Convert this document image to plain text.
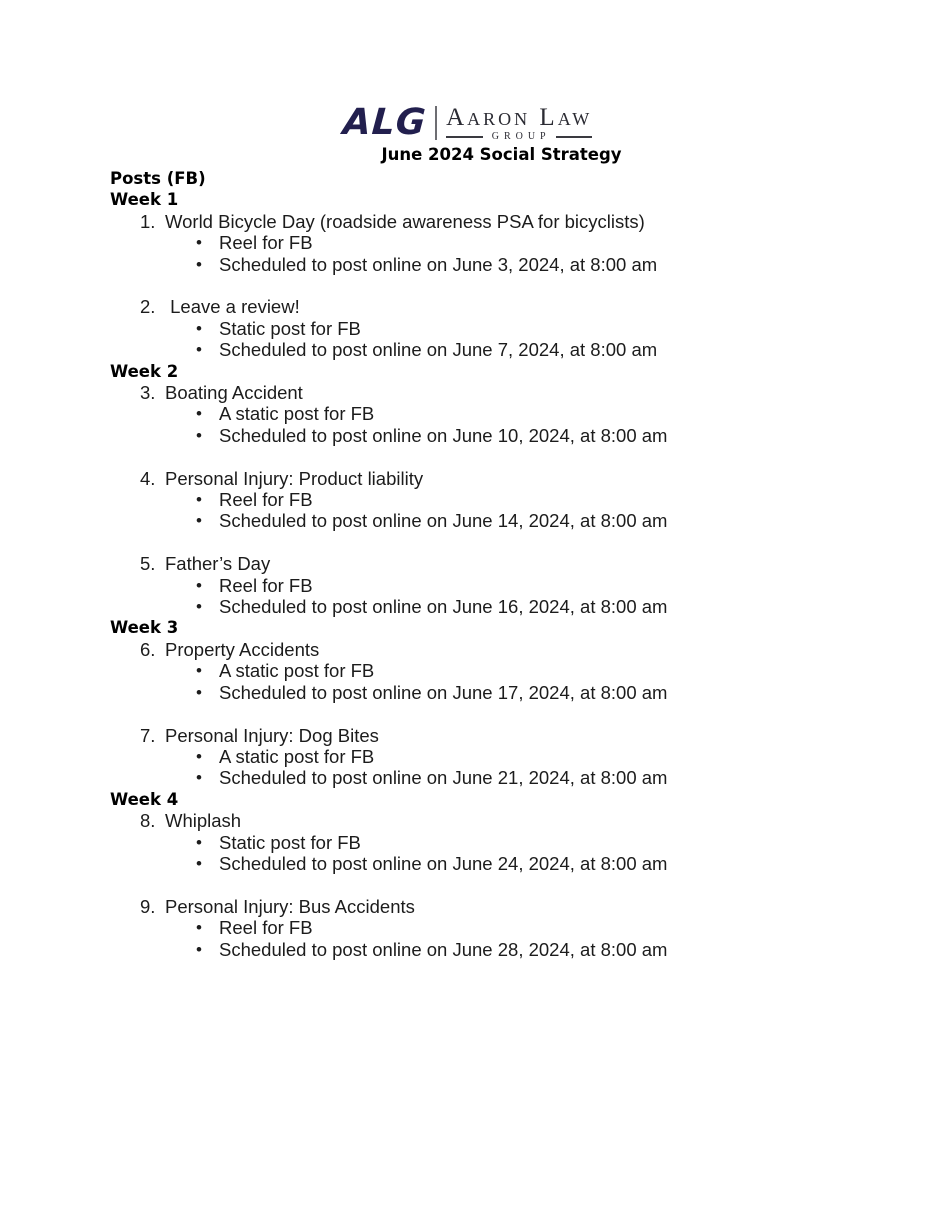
ALG Aaron Law
GROUP
June 2024 Social Strategy
Posts (FB)
Week 1
1. World Bicycle Day (roadside awareness PSA for bicyclists)
• Reel for FB
• Scheduled to post online on June 3, 2024, at 8:00 am
2. Leave a review!
• Static post for FB
• Scheduled to post online on June 7, 2024, at 8:00 am
Week 2
3. Boating Accident
• A static post for FB
• Scheduled to post online on June 10, 2024, at 8:00 am
4. Personal Injury: Product liability
• Reel for FB
• Scheduled to post online on June 14, 2024, at 8:00 am
5. Father’s Day
• Reel for FB
• Scheduled to post online on June 16, 2024, at 8:00 am
Week 3
6. Property Accidents
• A static post for FB
• Scheduled to post online on June 17, 2024, at 8:00 am
7. Personal Injury: Dog Bites
• A static post for FB
• Scheduled to post online on June 21, 2024, at 8:00 am
Week 4
8. Whiplash
• Static post for FB
• Scheduled to post online on June 24, 2024, at 8:00 am
9. Personal Injury: Bus Accidents
• Reel for FB
• Scheduled to post online on June 28, 2024, at 8:00 am
